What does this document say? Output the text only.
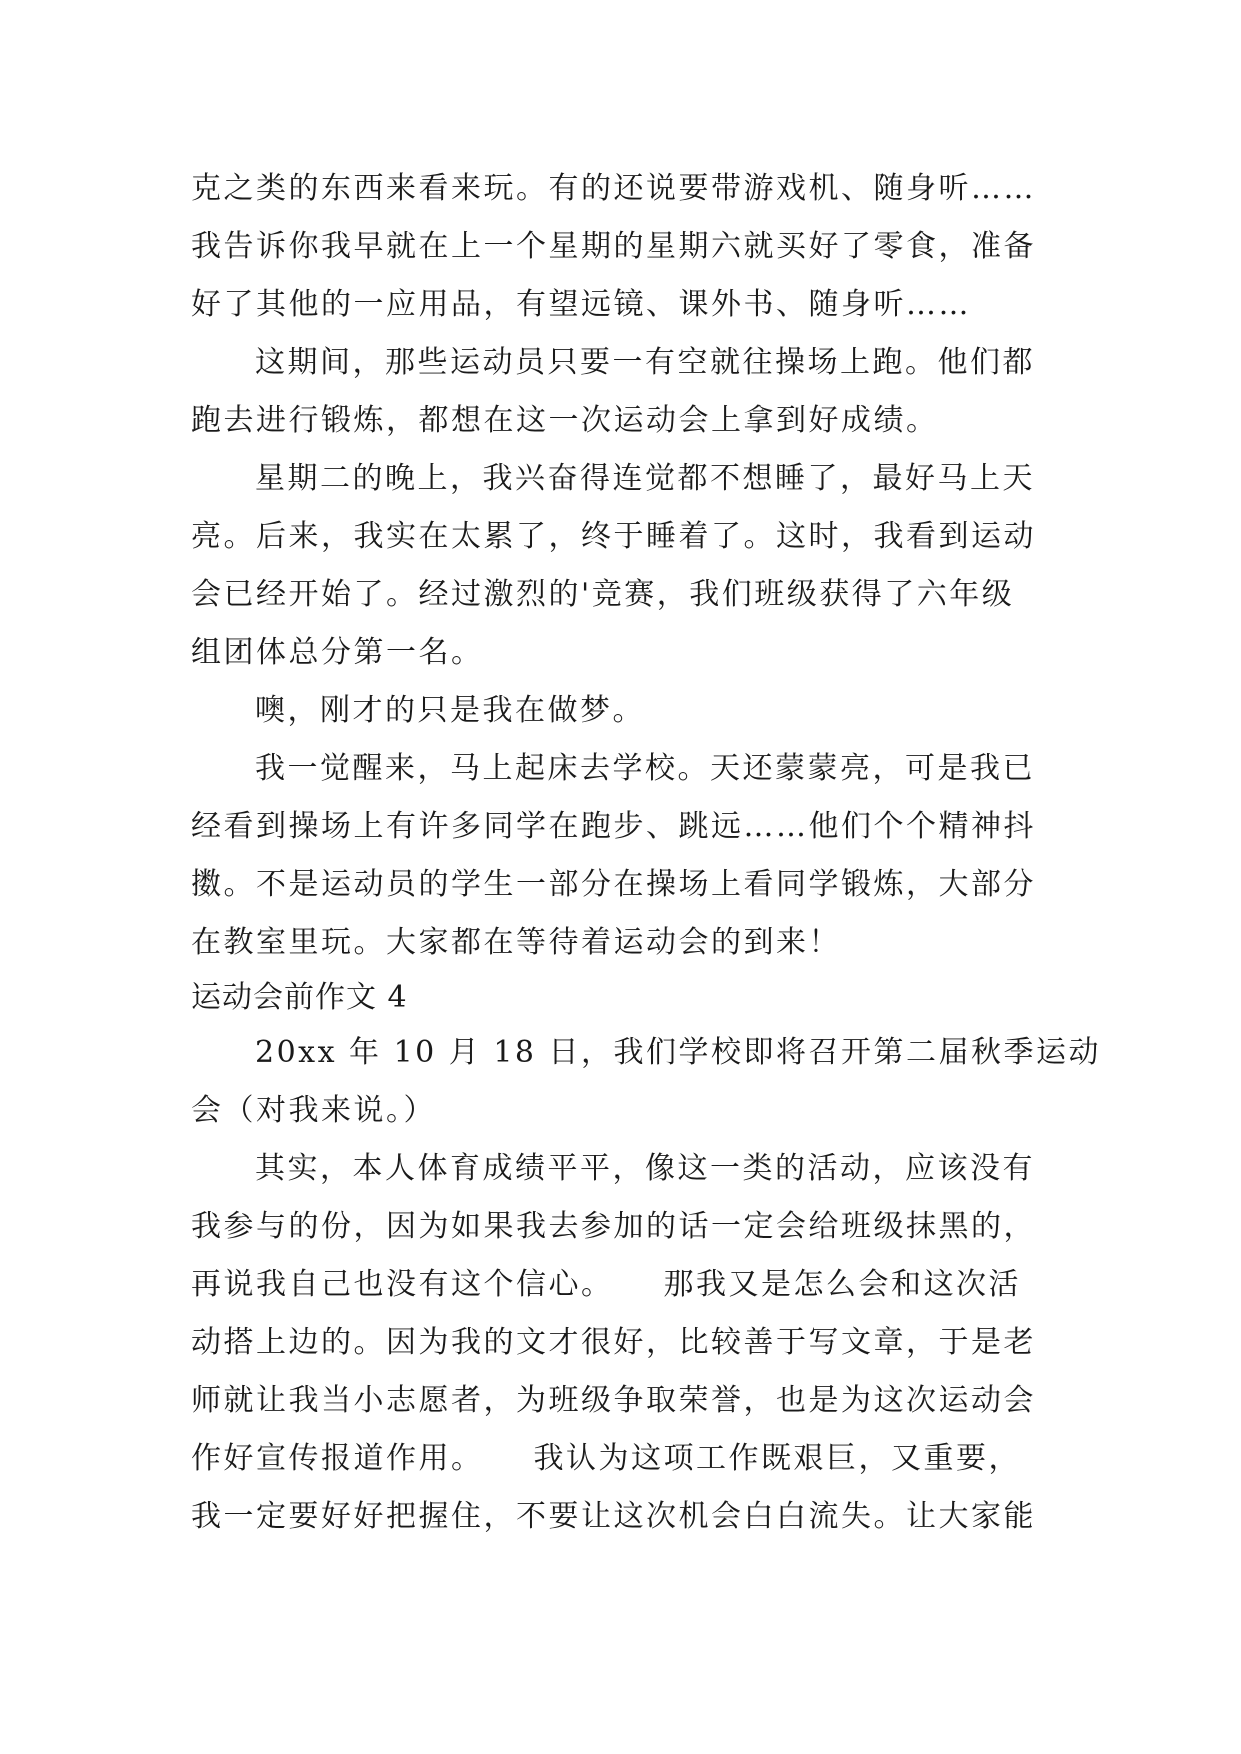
克之类的东西来看来玩。有的还说要带游戏机、随身听……
我告诉你我早就在上一个星期的星期六就买好了零食，准备
好了其他的一应用品，有望远镜、课外书、随身听……
这期间，那些运动员只要一有空就往操场上跑。他们都
跑去进行锻炼，都想在这一次运动会上拿到好成绩。
星期二的晚上，我兴奋得连觉都不想睡了，最好马上天
亮。后来，我实在太累了，终于睡着了。这时，我看到运动
会已经开始了。经过激烈的'竞赛，我们班级获得了六年级
组团体总分第一名。
噢，刚才的只是我在做梦。
我一觉醒来，马上起床去学校。天还蒙蒙亮，可是我已
经看到操场上有许多同学在跑步、跳远……他们个个精神抖
擞。不是运动员的学生一部分在操场上看同学锻炼，大部分
在教室里玩。大家都在等待着运动会的到来！
运动会前作文 4
20xx 年 10 月 18 日，我们学校即将召开第二届秋季运动
会（对我来说。）
其实，本人体育成绩平平，像这一类的活动，应该没有
我参与的份，因为如果我去参加的话一定会给班级抹黑的，
再说我自己也没有这个信心。　　那我又是怎么会和这次活
动搭上边的。因为我的文才很好，比较善于写文章，于是老
师就让我当小志愿者，为班级争取荣誉，也是为这次运动会
作好宣传报道作用。　　我认为这项工作既艰巨，又重要，
我一定要好好把握住，不要让这次机会白白流失。让大家能
